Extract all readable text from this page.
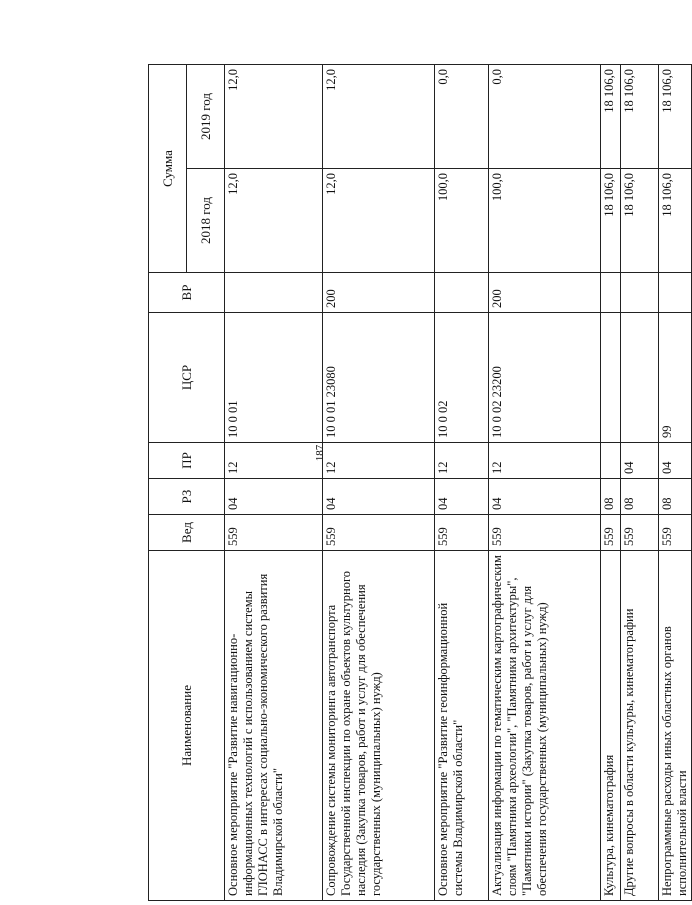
187
Наименование	Вед	РЗ	ПР	ЦСР	ВР	Сумма	
						2018 год	2019 год
Основное мероприятие "Развитие навигационно-информационных технологий с использованием системы ГЛОНАСС в интересах социально-экономического развития Владимирской области"	559	04	12	10 0 01		12,0	12,0
Сопровождение системы мониторинга автотранспорта Государственной инспекции по охране объектов культурного наследия (Закупка товаров, работ и услуг для обеспечения государственных (муниципальных) нужд)	559	04	12	10 0 01 23080	200	12,0	12,0
Основное мероприятие "Развитие геоинформационной системы Владимирской области"	559	04	12	10 0 02		100,0	0,0
Актуализация информации по тематическим картографическим слоям "Памятники археологии", "Памятники архитектуры", "Памятники истории" (Закупка товаров, работ и услуг для обеспечения государственных (муниципальных) нужд)	559	04	12	10 0 02 23200	200	100,0	0,0
Культура, кинематография	559	08				18 106,0	18 106,0
Другие вопросы в области культуры, кинематографии	559	08	04			18 106,0	18 106,0
Непрограммные расходы иных областных органов исполнительной власти	559	08	04	99		18 106,0	18 106,0
